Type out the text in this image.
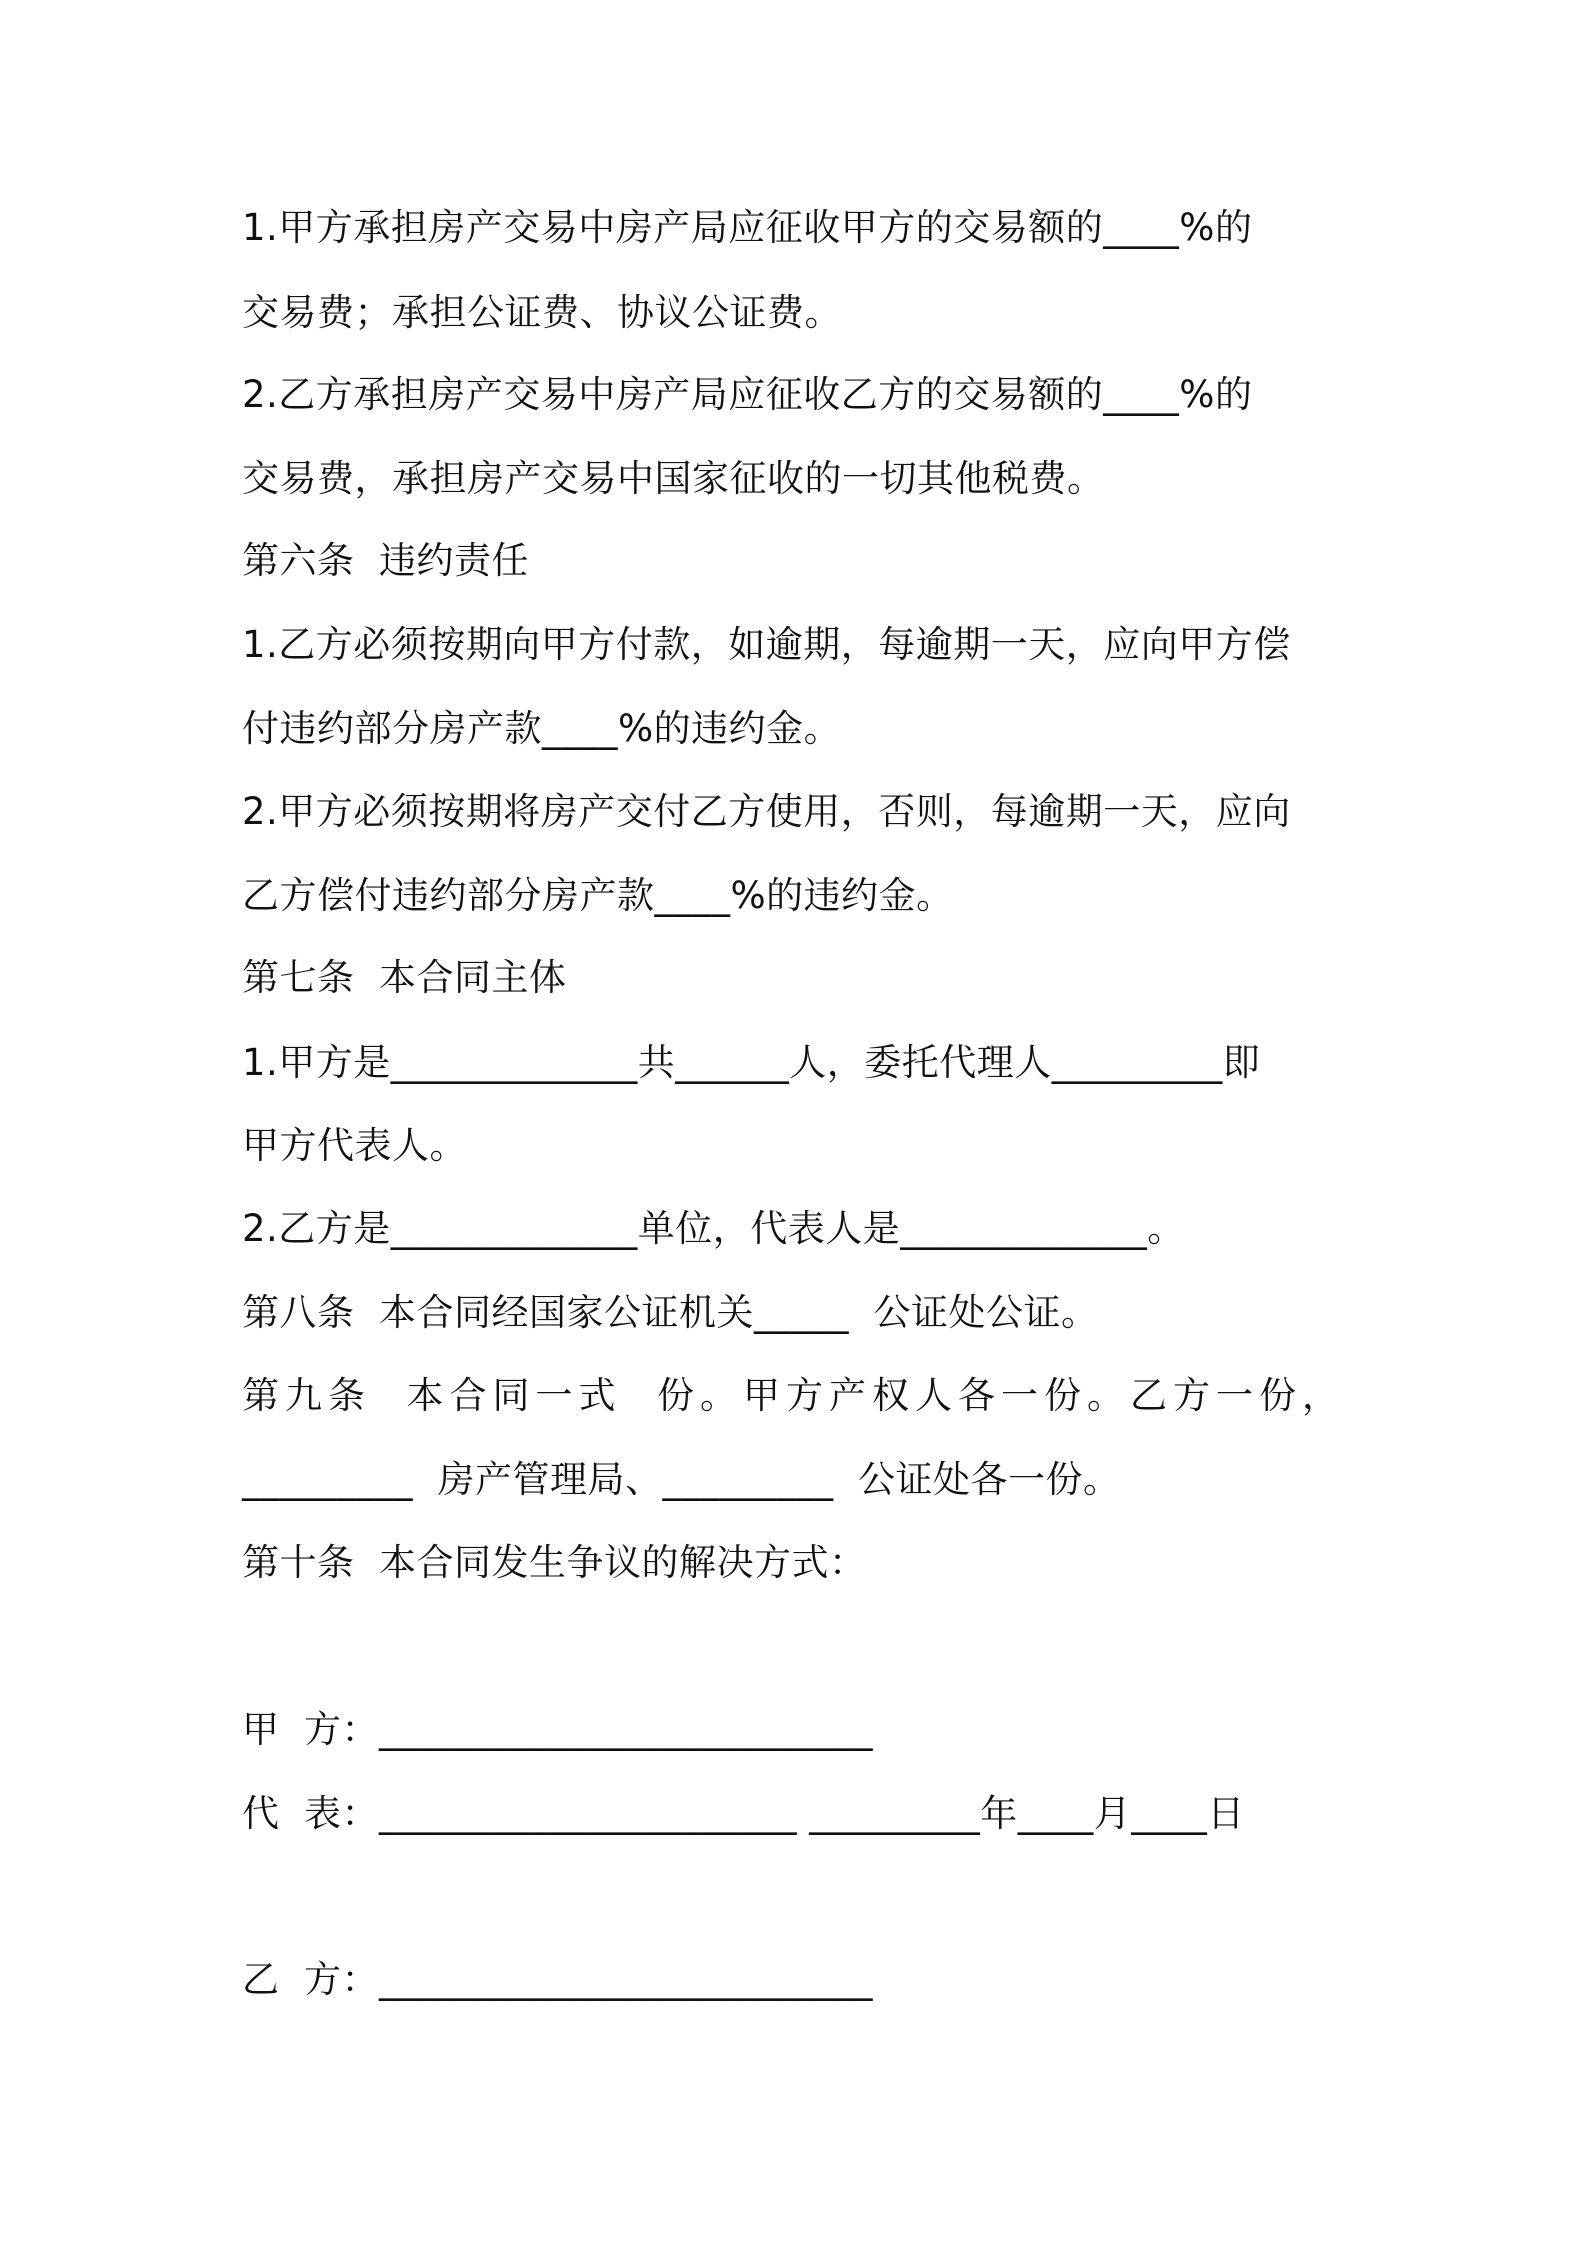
1.甲方承担房产交易中房产局应征收甲方的交易额的____%的
交易费；承担公证费、协议公证费。
2.乙方承担房产交易中房产局应征收乙方的交易额的____%的
交易费，承担房产交易中国家征收的一切其他税费。
第六条  违约责任
1.乙方必须按期向甲方付款，如逾期，每逾期一天，应向甲方偿
付违约部分房产款____%的违约金。
2.甲方必须按期将房产交付乙方使用，否则，每逾期一天，应向
乙方偿付违约部分房产款____%的违约金。
第七条  本合同主体
1.甲方是_____________共______人，委托代理人_________即
甲方代表人。
2.乙方是_____________单位，代表人是_____________。
第八条  本合同经国家公证机关_____  公证处公证。
第九条  本合同一式  份。甲方产权人各一份。乙方一份，
_________  房产管理局、_________  公证处各一份。
第十条  本合同发生争议的解决方式：
甲  方：__________________________
代  表：______________________ _________年____月____日
乙  方：__________________________
